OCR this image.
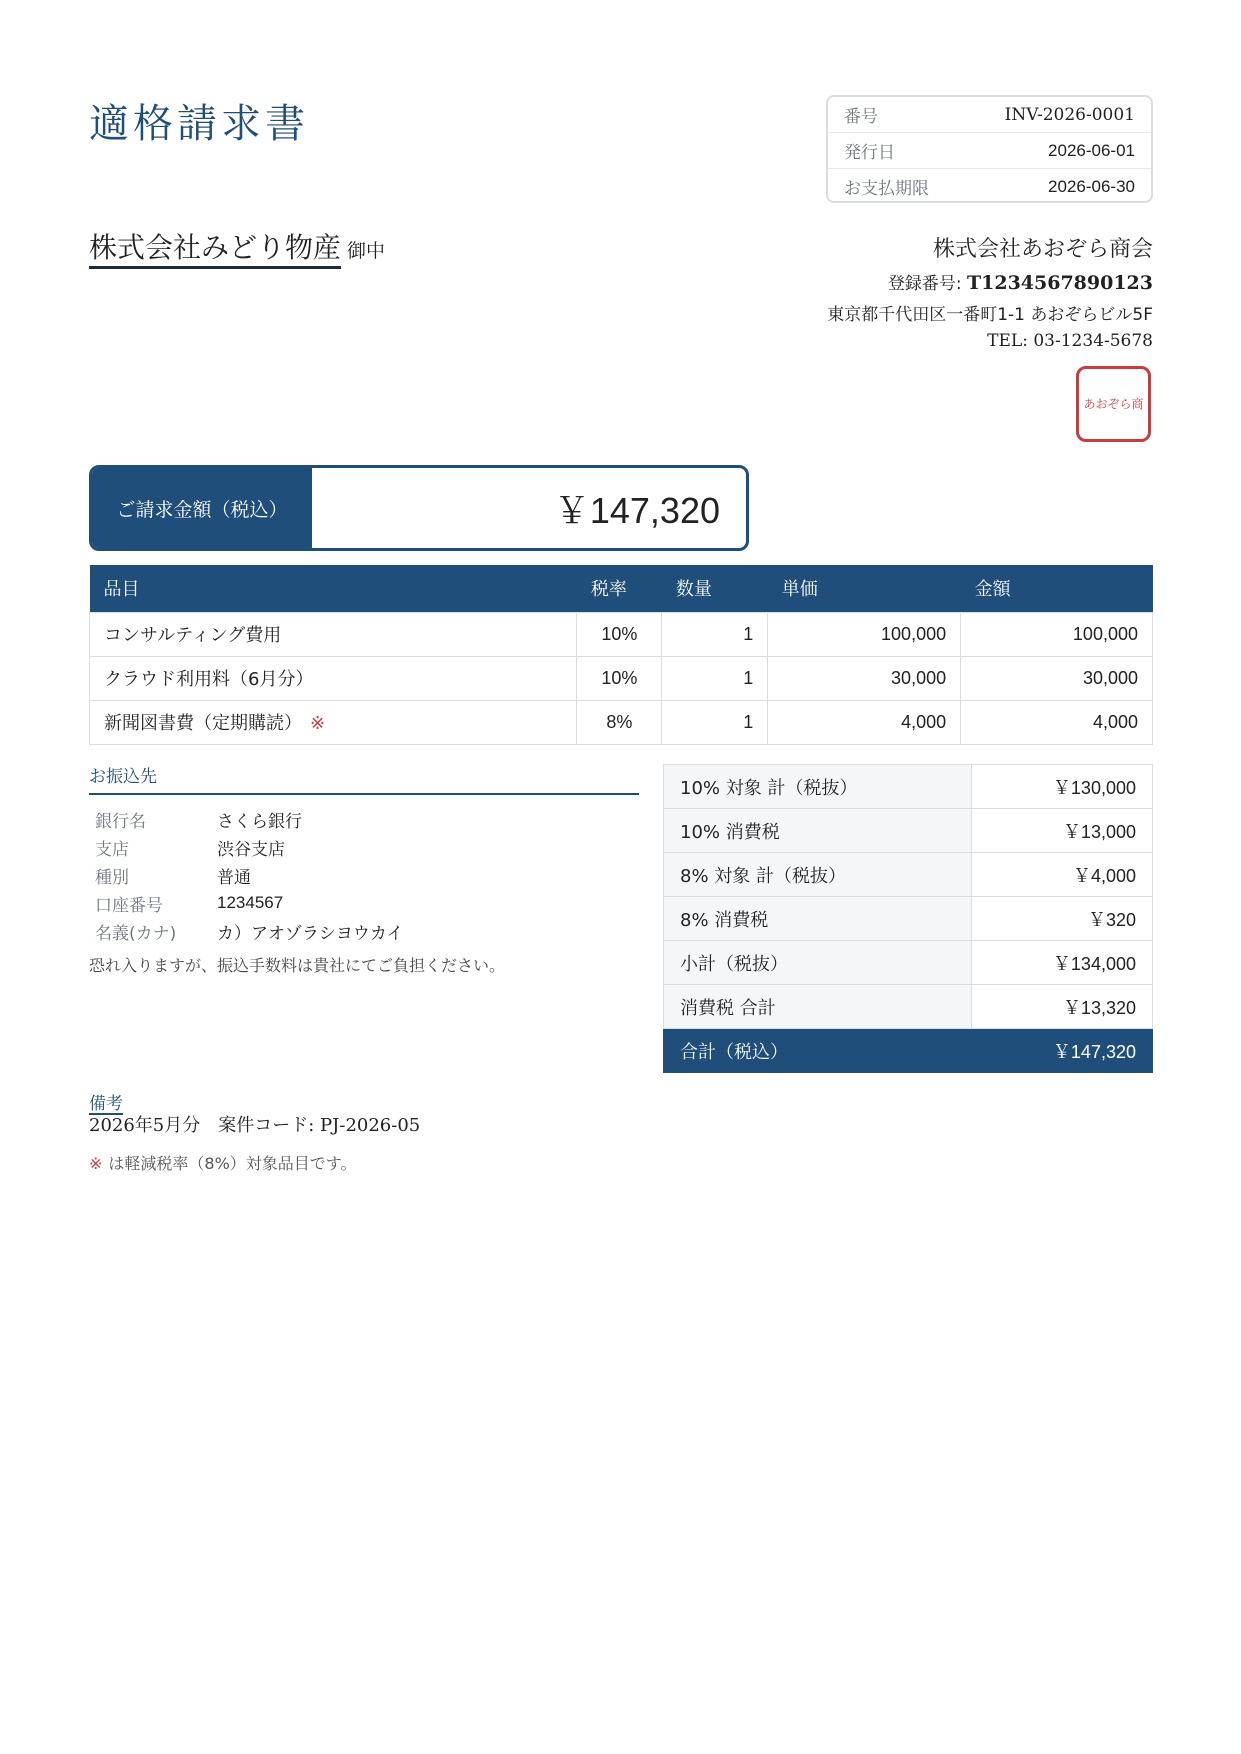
適格請求書	番号	INV-2026-0001
発行日	2026-06-01
お支払期限	2026-06-30
株式会社みどり物産 御中	株式会社あおぞら商会
登録番号: T1234567890123
東京都千代田区一番町1-1 あおぞらビル5F
TEL: 03-1234-5678
あおぞら商
ご請求金額（税込）	￥147,320
品目	税率	数量	単価	金額
コンサルティング費用	10%	1	100,000	100,000
クラウド利用料（6月分）	10%	1	30,000	30,000
新聞図書費（定期購読） ※	8%	1	4,000	4,000
お振込先
銀行名	さくら銀行
支店	渋谷支店
種別	普通
口座番号	1234567
名義(カナ)	カ）アオゾラシヨウカイ
恐れ入りますが、振込手数料は貴社にてご負担ください。
10% 対象 計（税抜）	￥130,000
10% 消費税	￥13,000
8% 対象 計（税抜）	￥4,000
8% 消費税	￥320
小計（税抜）	￥134,000
消費税 合計	￥13,320
合計（税込）	￥147,320
備考
2026年5月分　案件コード: PJ-2026-05
※ は軽減税率（8%）対象品目です。
